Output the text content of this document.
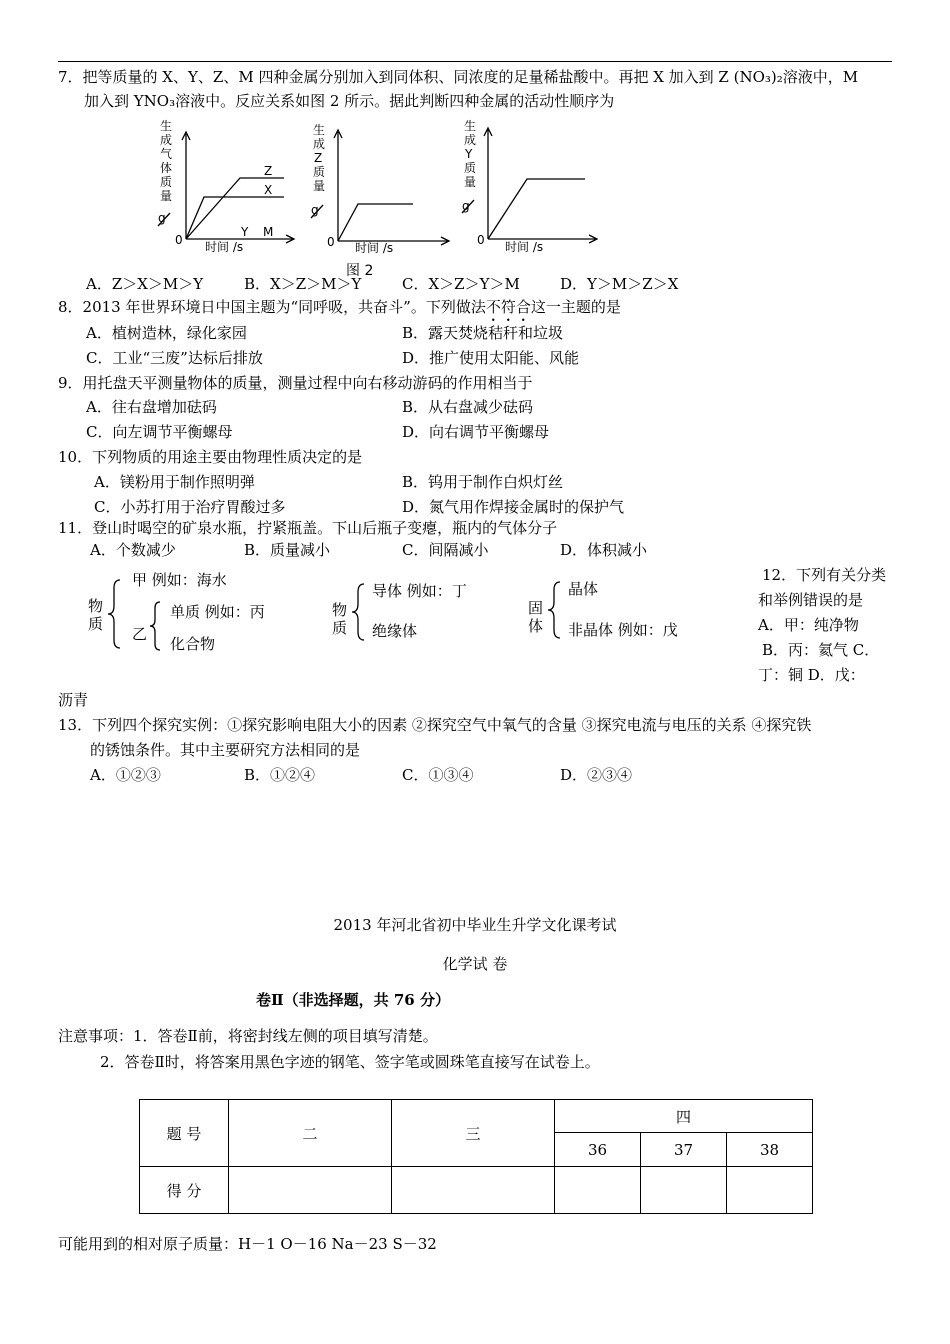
7．把等质量的 X、Y、Z、M 四种金属分别加入到同体积、同浓度的足量稀盐酸中。再把 X 加入到 Z (NO₃)₂溶液中，M
加入到 YNO₃溶液中。反应关系如图 2 所示。据此判断四种金属的活动性顺序为
生
成
气
体
质
量
g
0 时间 /s
Z
X
Y M
生
成
Z
质
量
g
0 时间 /s
生
成
Y
质
量
g
0 时间 /s
图 2
A．Z＞X＞M＞Y	B．X＞Z＞M＞Y	C．X＞Z＞Y＞M	D．Y＞M＞Z＞X
8．2013 年世界环境日中国主题为“同呼吸，共奋斗”。下列做法不符合这一主题的是
A．植树造林，绿化家园	B．露天焚烧秸秆和垃圾
C．工业“三废”达标后排放	D．推广使用太阳能、风能
9．用托盘天平测量物体的质量，测量过程中向右移动游码的作用相当于
A．往右盘增加砝码	B．从右盘减少砝码
C．向左调节平衡螺母	D．向右调节平衡螺母
10．下列物质的用途主要由物理性质决定的是
A．镁粉用于制作照明弹	B．钨用于制作白炽灯丝
C．小苏打用于治疗胃酸过多	D．氮气用作焊接金属时的保护气
11．登山时喝空的矿泉水瓶，拧紧瓶盖。下山后瓶子变瘪，瓶内的气体分子
A．个数减少	B．质量减小	C．间隔减小	D．体积减小
物
质
甲 例如：海水
乙
单质 例如：丙
化合物
物
质
导体 例如：丁
绝缘体
固
体
晶体
非晶体 例如：戊
12．下列有关分类
和举例错误的是
A．甲：纯净物
B．丙：氦气 C．
丁：铜 D．戊：
沥青
13．下列四个探究实例：①探究影响电阻大小的因素 ②探究空气中氧气的含量 ③探究电流与电压的关系 ④探究铁
的锈蚀条件。其中主要研究方法相同的是
A．①②③	B．①②④	C．①③④	D．②③④
2013 年河北省初中毕业生升学文化课考试
化学试 卷
卷Ⅱ（非选择题，共 76 分）
注意事项：1．答卷Ⅱ前，将密封线左侧的项目填写清楚。
2．答卷Ⅱ时，将答案用黑色字迹的钢笔、签字笔或圆珠笔直接写在试卷上。
题 号	二	三	四		
			36	37	38
得 分					
可能用到的相对原子质量：H－1 O－16 Na－23 S－32
